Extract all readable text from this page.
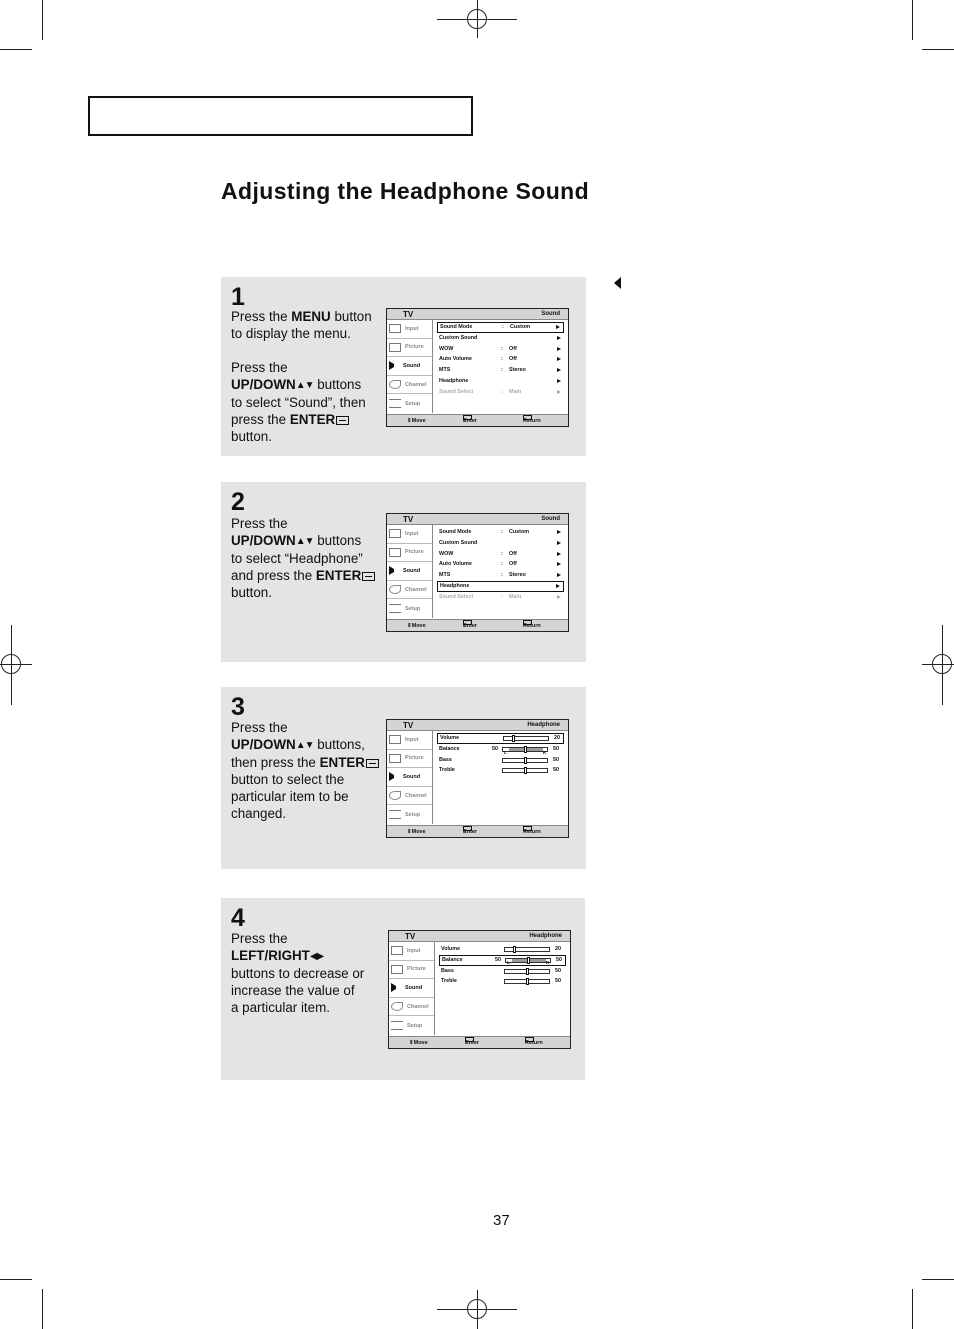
Adjusting the Headphone Sound
1
Press the MENU button
to display the menu.
Press the
UP/DOWN▲▼ buttons
to select “Sound”, then
press the ENTER
button.
TV	Sound
Input
Picture
Sound
Channel
Setup
Sound Mode	: Custom
Custom Sound
WOW	: Off
Auto Volume	: Off
MTS	: Stereo
Headphone
Sound Select	: Main
⇕ Move	Enter	Return
2
Press the
UP/DOWN▲▼ buttons
to select “Headphone”
and press the ENTER
button.
TV	Sound
Input
Picture
Sound
Channel
Setup
Sound Mode	: Custom
Custom Sound
WOW	: Off
Auto Volume	: Off
MTS	: Stereo
Headphone
Sound Select	: Main
⇕ Move	Enter	Return
3
Press the
UP/DOWN▲▼ buttons,
then press the ENTER
button to select the
particular item to be
changed.
TV	Headphone
Input
Picture
Sound
Channel
Setup
Volume	20
Balance	50
L	R
50
Bass	50
Treble	50
⇕ Move	Enter	Return
4
Press the
LEFT/RIGHT◀▶
buttons to decrease or
increase the value of
a particular item.
TV	Headphone
Input
Picture
Sound
Channel
Setup
Volume	20
Balance	50 L	R 50
Bass	50
Treble	50
⇕ Move	Enter	Return
37
